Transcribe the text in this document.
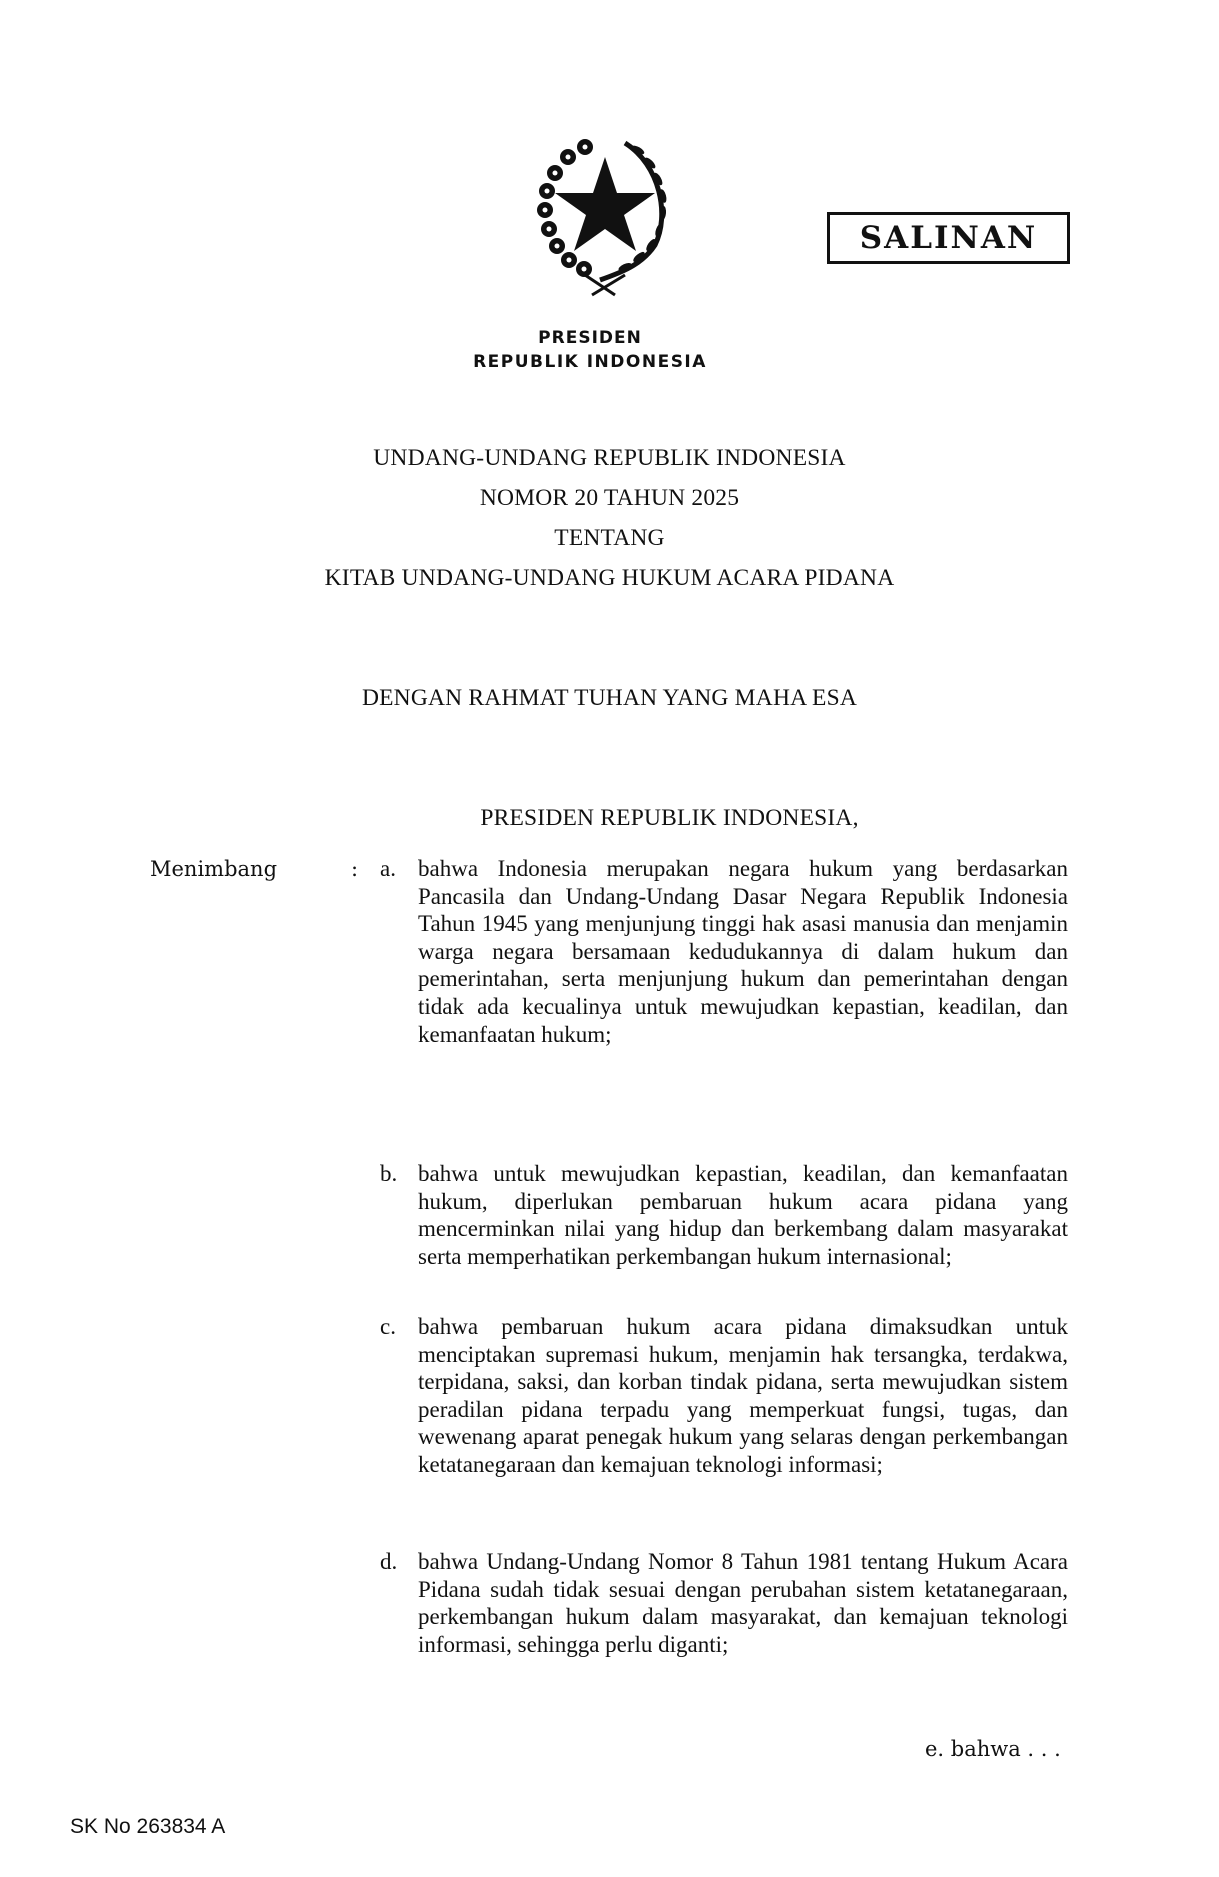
PRESIDEN
REPUBLIK INDONESIA
SALINAN
UNDANG-UNDANG REPUBLIK INDONESIA
NOMOR 20 TAHUN 2025
TENTANG
KITAB UNDANG-UNDANG HUKUM ACARA PIDANA
DENGAN RAHMAT TUHAN YANG MAHA ESA
PRESIDEN REPUBLIK INDONESIA,
Menimbang	: a. bahwa Indonesia merupakan negara hukum yang berdasarkan Pancasila dan Undang-Undang Dasar Negara Republik Indonesia Tahun 1945 yang menjunjung tinggi hak asasi manusia dan menjamin warga negara bersamaan kedudukannya di dalam hukum dan pemerintahan, serta menjunjung hukum dan pemerintahan dengan tidak ada kecualinya untuk mewujudkan kepastian, keadilan, dan kemanfaatan hukum;
b. bahwa untuk mewujudkan kepastian, keadilan, dan kemanfaatan hukum, diperlukan pembaruan hukum acara pidana yang mencerminkan nilai yang hidup dan berkembang dalam masyarakat serta memperhatikan perkembangan hukum internasional;
c. bahwa pembaruan hukum acara pidana dimaksudkan untuk menciptakan supremasi hukum, menjamin hak tersangka, terdakwa, terpidana, saksi, dan korban tindak pidana, serta mewujudkan sistem peradilan pidana terpadu yang memperkuat fungsi, tugas, dan wewenang aparat penegak hukum yang selaras dengan perkembangan ketatanegaraan dan kemajuan teknologi informasi;
d. bahwa Undang-Undang Nomor 8 Tahun 1981 tentang Hukum Acara Pidana sudah tidak sesuai dengan perubahan sistem ketatanegaraan, perkembangan hukum dalam masyarakat, dan kemajuan teknologi informasi, sehingga perlu diganti;
e. bahwa . . .
SK No 263834 A
